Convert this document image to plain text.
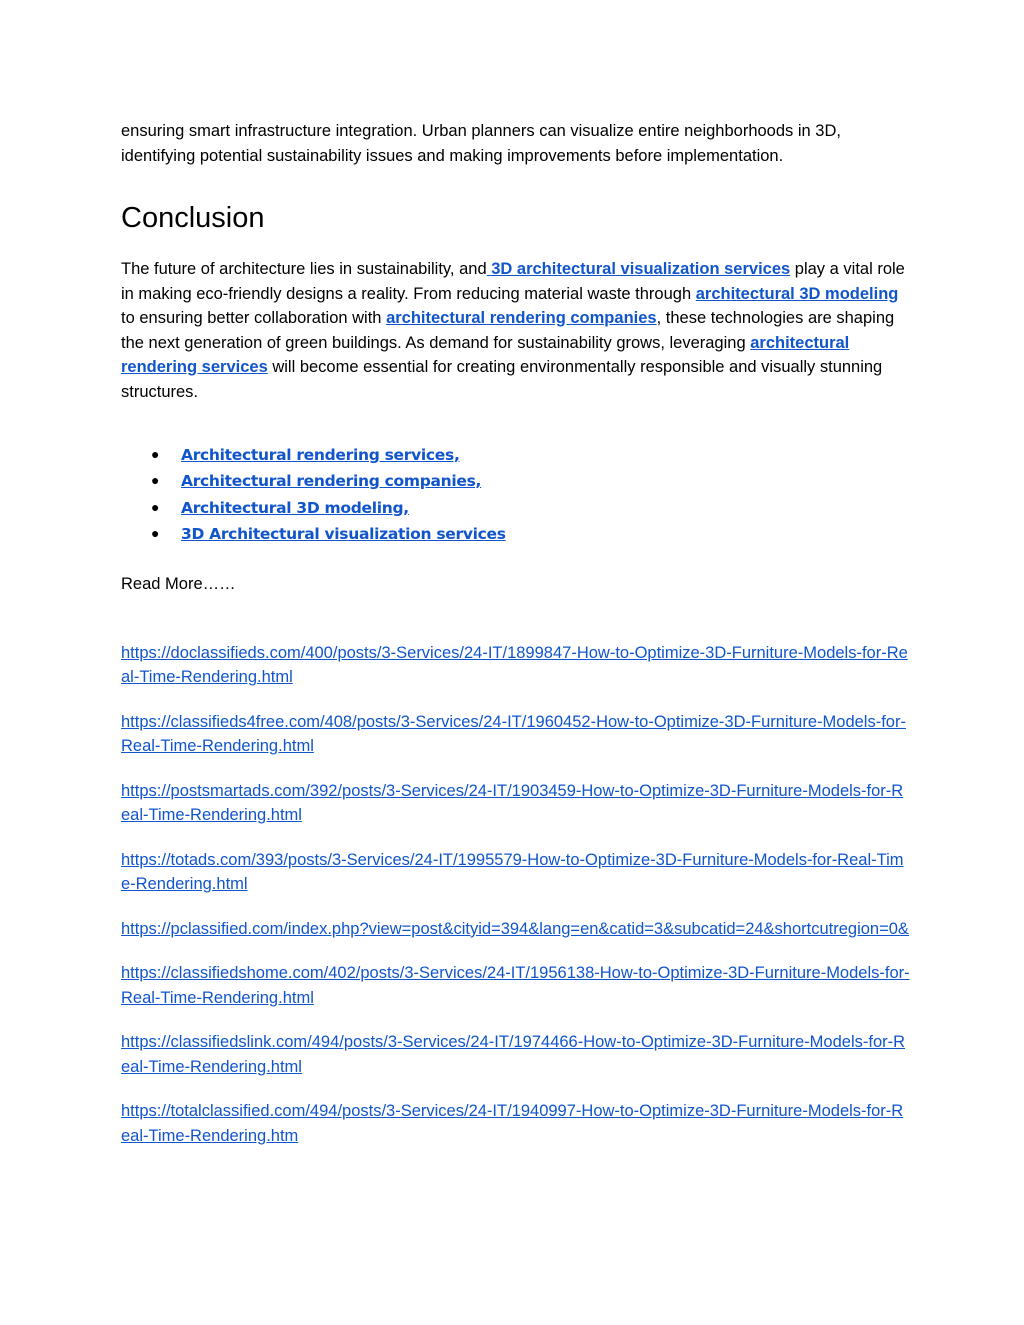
ensuring smart infrastructure integration. Urban planners can visualize entire neighborhoods in 3D, identifying potential sustainability issues and making improvements before implementation.

Conclusion

The future of architecture lies in sustainability, and 3D architectural visualization services play a vital role in making eco-friendly designs a reality. From reducing material waste through architectural 3D modeling to ensuring better collaboration with architectural rendering companies, these technologies are shaping the next generation of green buildings. As demand for sustainability grows, leveraging architectural rendering services will become essential for creating environmentally responsible and visually stunning structures.

● Architectural rendering services,
● Architectural rendering companies,
● Architectural 3D modeling,
● 3D Architectural visualization services

Read More……

https://doclassifieds.com/400/posts/3-Services/24-IT/1899847-How-to-Optimize-3D-Furniture-Models-for-Real-Time-Rendering.html

https://classifieds4free.com/408/posts/3-Services/24-IT/1960452-How-to-Optimize-3D-Furniture-Models-for-Real-Time-Rendering.html

https://postsmartads.com/392/posts/3-Services/24-IT/1903459-How-to-Optimize-3D-Furniture-Models-for-Real-Time-Rendering.html

https://totads.com/393/posts/3-Services/24-IT/1995579-How-to-Optimize-3D-Furniture-Models-for-Real-Time-Rendering.html

https://pclassified.com/index.php?view=post&cityid=394&lang=en&catid=3&subcatid=24&shortcutregion=0&

https://classifiedshome.com/402/posts/3-Services/24-IT/1956138-How-to-Optimize-3D-Furniture-Models-for-Real-Time-Rendering.html

https://classifiedslink.com/494/posts/3-Services/24-IT/1974466-How-to-Optimize-3D-Furniture-Models-for-Real-Time-Rendering.html

https://totalclassified.com/494/posts/3-Services/24-IT/1940997-How-to-Optimize-3D-Furniture-Models-for-Real-Time-Rendering.htm
